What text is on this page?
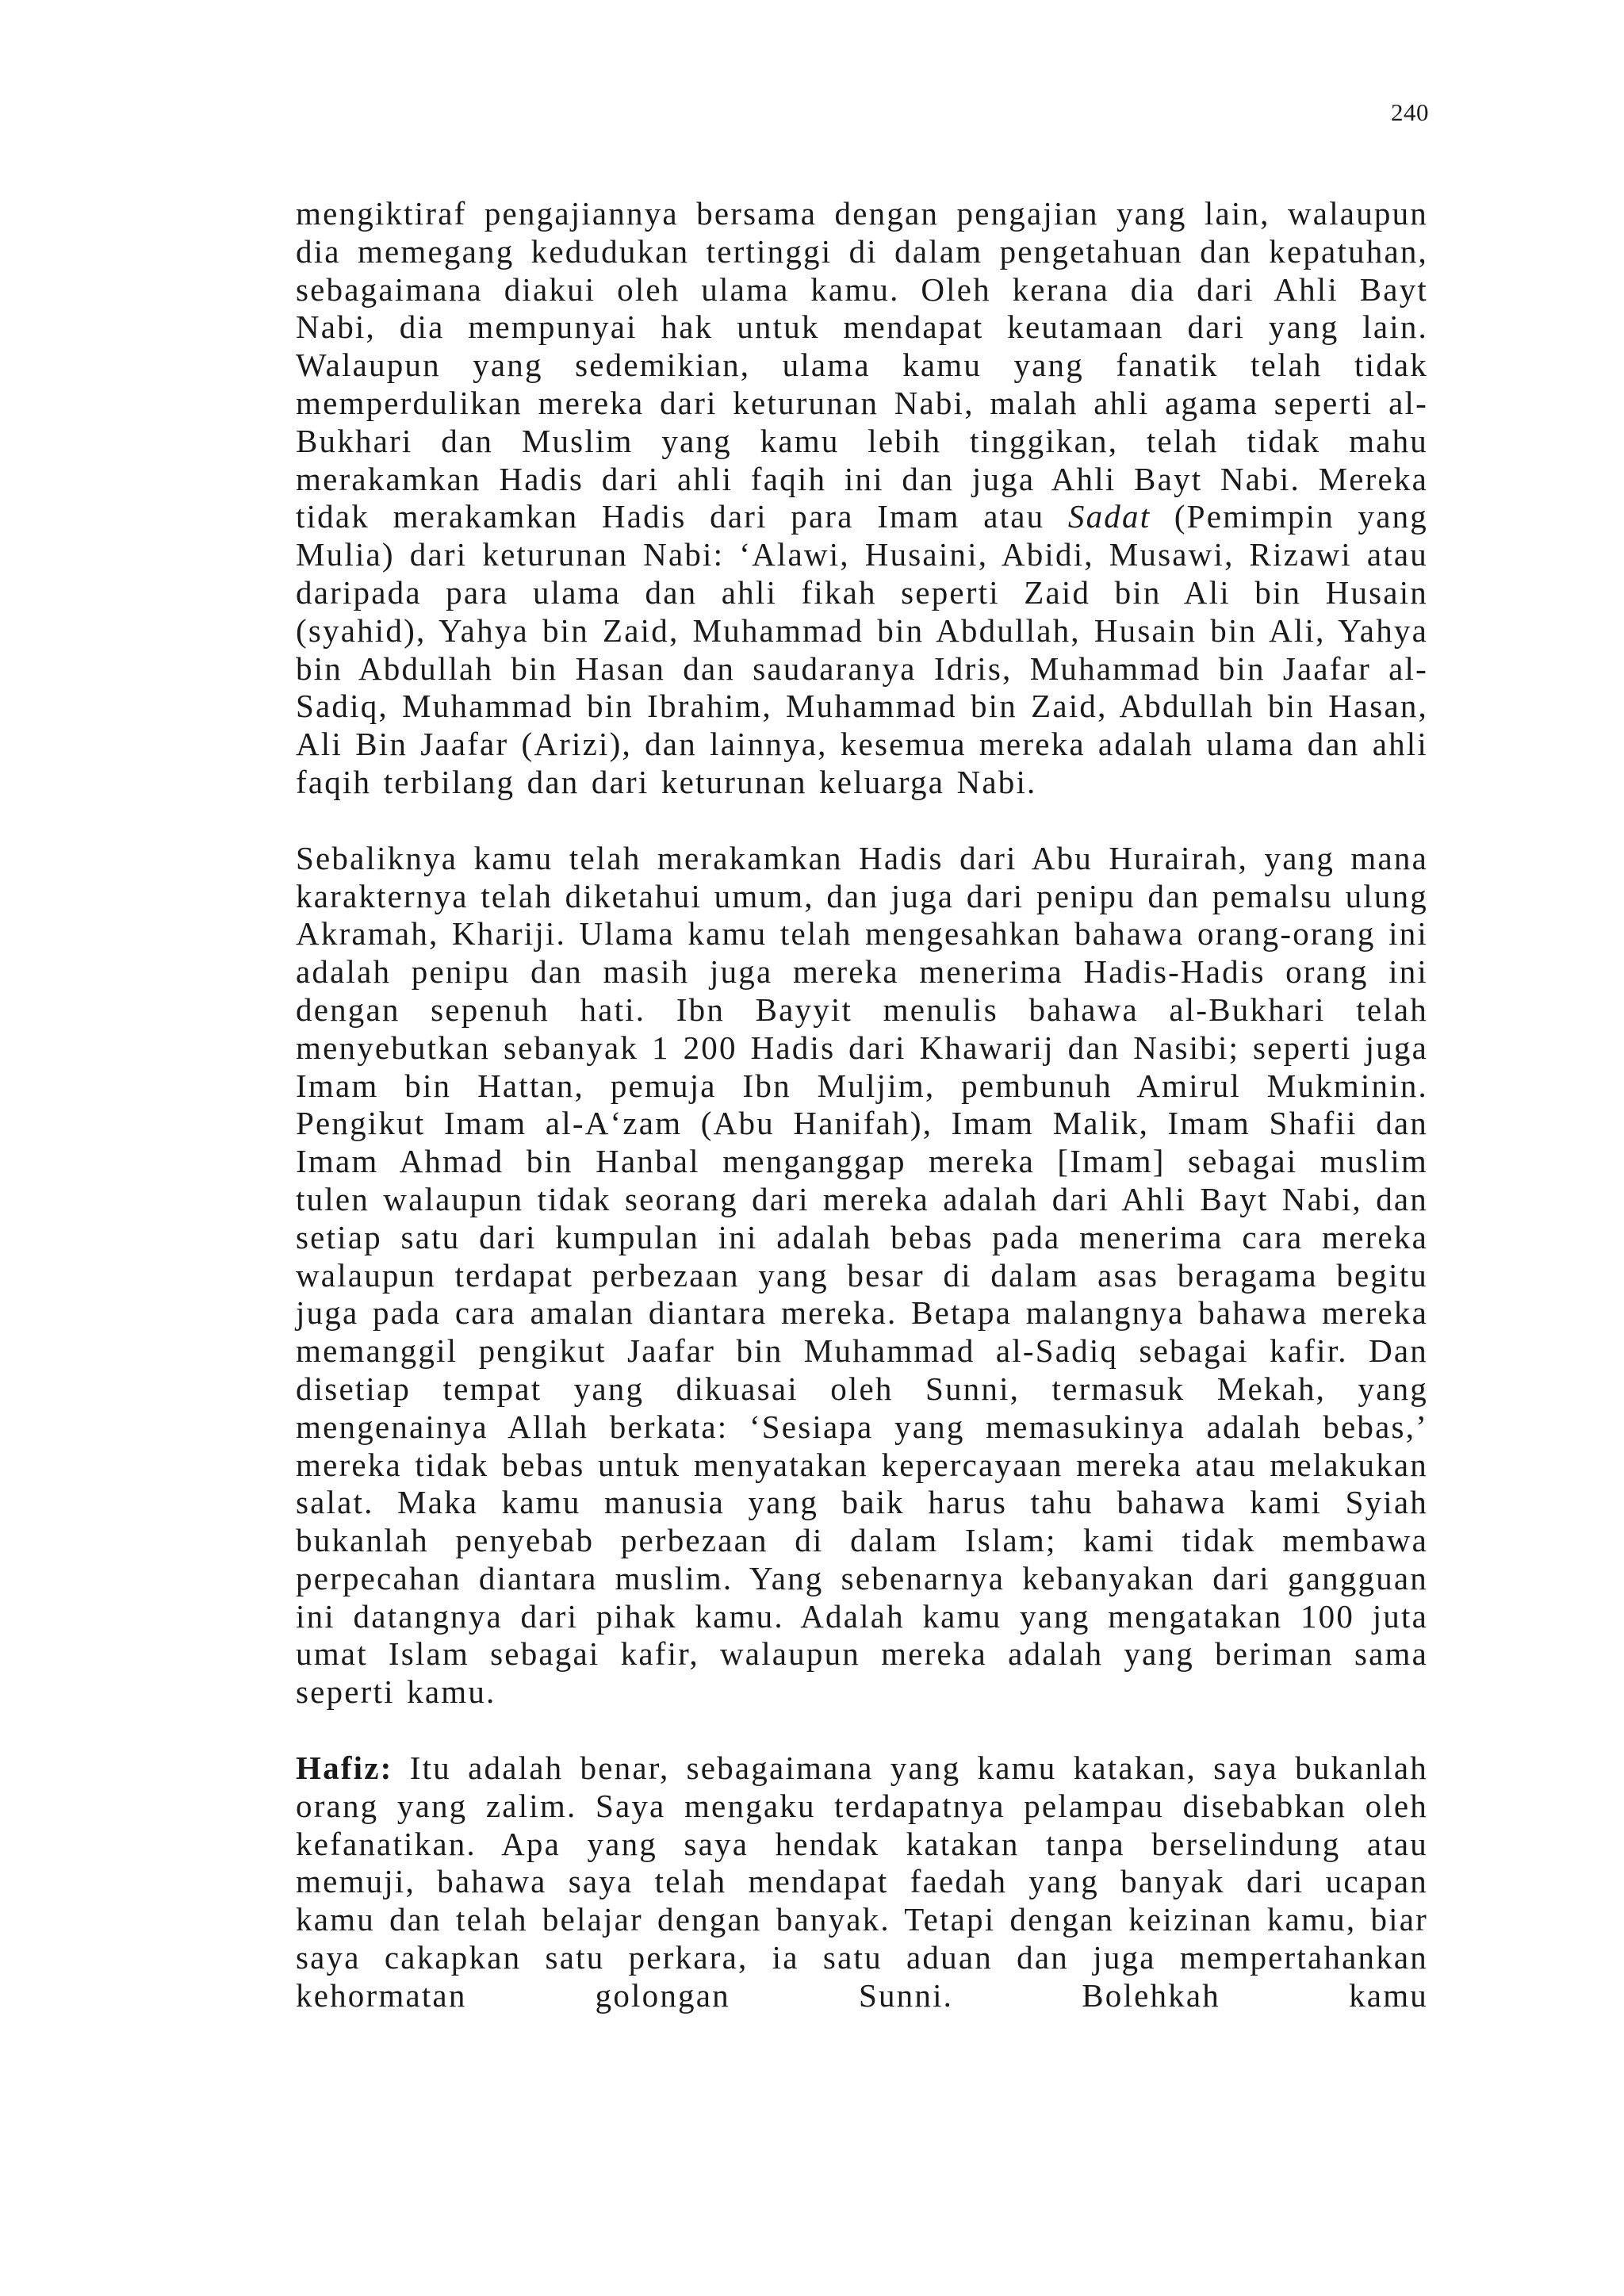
240

mengiktiraf pengajiannya bersama dengan pengajian yang lain, walaupun dia memegang kedudukan tertinggi di dalam pengetahuan dan kepatuhan, sebagaimana diakui oleh ulama kamu. Oleh kerana dia dari Ahli Bayt Nabi, dia mempunyai hak untuk mendapat keutamaan dari yang lain. Walaupun yang sedemikian, ulama kamu yang fanatik telah tidak memperdulikan mereka dari keturunan Nabi, malah ahli agama seperti al-Bukhari dan Muslim yang kamu lebih tinggikan, telah tidak mahu merakamkan Hadis dari ahli faqih ini dan juga Ahli Bayt Nabi. Mereka tidak merakamkan Hadis dari para Imam atau Sadat (Pemimpin yang Mulia) dari keturunan Nabi: ‘Alawi, Husaini, Abidi, Musawi, Rizawi atau daripada para ulama dan ahli fikah seperti Zaid bin Ali bin Husain (syahid), Yahya bin Zaid, Muhammad bin Abdullah, Husain bin Ali, Yahya bin Abdullah bin Hasan dan saudaranya Idris, Muhammad bin Jaafar al-Sadiq, Muhammad bin Ibrahim, Muhammad bin Zaid, Abdullah bin Hasan, Ali Bin Jaafar (Arizi), dan lainnya, kesemua mereka adalah ulama dan ahli faqih terbilang dan dari keturunan keluarga Nabi.

Sebaliknya kamu telah merakamkan Hadis dari Abu Hurairah, yang mana karakternya telah diketahui umum, dan juga dari penipu dan pemalsu ulung Akramah, Khariji. Ulama kamu telah mengesahkan bahawa orang-orang ini adalah penipu dan masih juga mereka menerima Hadis-Hadis orang ini dengan sepenuh hati. Ibn Bayyit menulis bahawa al-Bukhari telah menyebutkan sebanyak 1 200 Hadis dari Khawarij dan Nasibi; seperti juga Imam bin Hattan, pemuja Ibn Muljim, pembunuh Amirul Mukminin. Pengikut Imam al-A‘zam (Abu Hanifah), Imam Malik, Imam Shafii dan Imam Ahmad bin Hanbal menganggap mereka [Imam] sebagai muslim tulen walaupun tidak seorang dari mereka adalah dari Ahli Bayt Nabi, dan setiap satu dari kumpulan ini adalah bebas pada menerima cara mereka walaupun terdapat perbezaan yang besar di dalam asas beragama begitu juga pada cara amalan diantara mereka. Betapa malangnya bahawa mereka memanggil pengikut Jaafar bin Muhammad al-Sadiq sebagai kafir. Dan disetiap tempat yang dikuasai oleh Sunni, termasuk Mekah, yang mengenainya Allah berkata: ‘Sesiapa yang memasukinya adalah bebas,’ mereka tidak bebas untuk menyatakan kepercayaan mereka atau melakukan salat. Maka kamu manusia yang baik harus tahu bahawa kami Syiah bukanlah penyebab perbezaan di dalam Islam; kami tidak membawa perpecahan diantara muslim. Yang sebenarnya kebanyakan dari gangguan ini datangnya dari pihak kamu. Adalah kamu yang mengatakan 100 juta umat Islam sebagai kafir, walaupun mereka adalah yang beriman sama seperti kamu.

Hafiz: Itu adalah benar, sebagaimana yang kamu katakan, saya bukanlah orang yang zalim. Saya mengaku terdapatnya pelampau disebabkan oleh kefanatikan. Apa yang saya hendak katakan tanpa berselindung atau memuji, bahawa saya telah mendapat faedah yang banyak dari ucapan kamu dan telah belajar dengan banyak. Tetapi dengan keizinan kamu, biar saya cakapkan satu perkara, ia satu aduan dan juga mempertahankan kehormatan golongan Sunni. Bolehkah kamu
